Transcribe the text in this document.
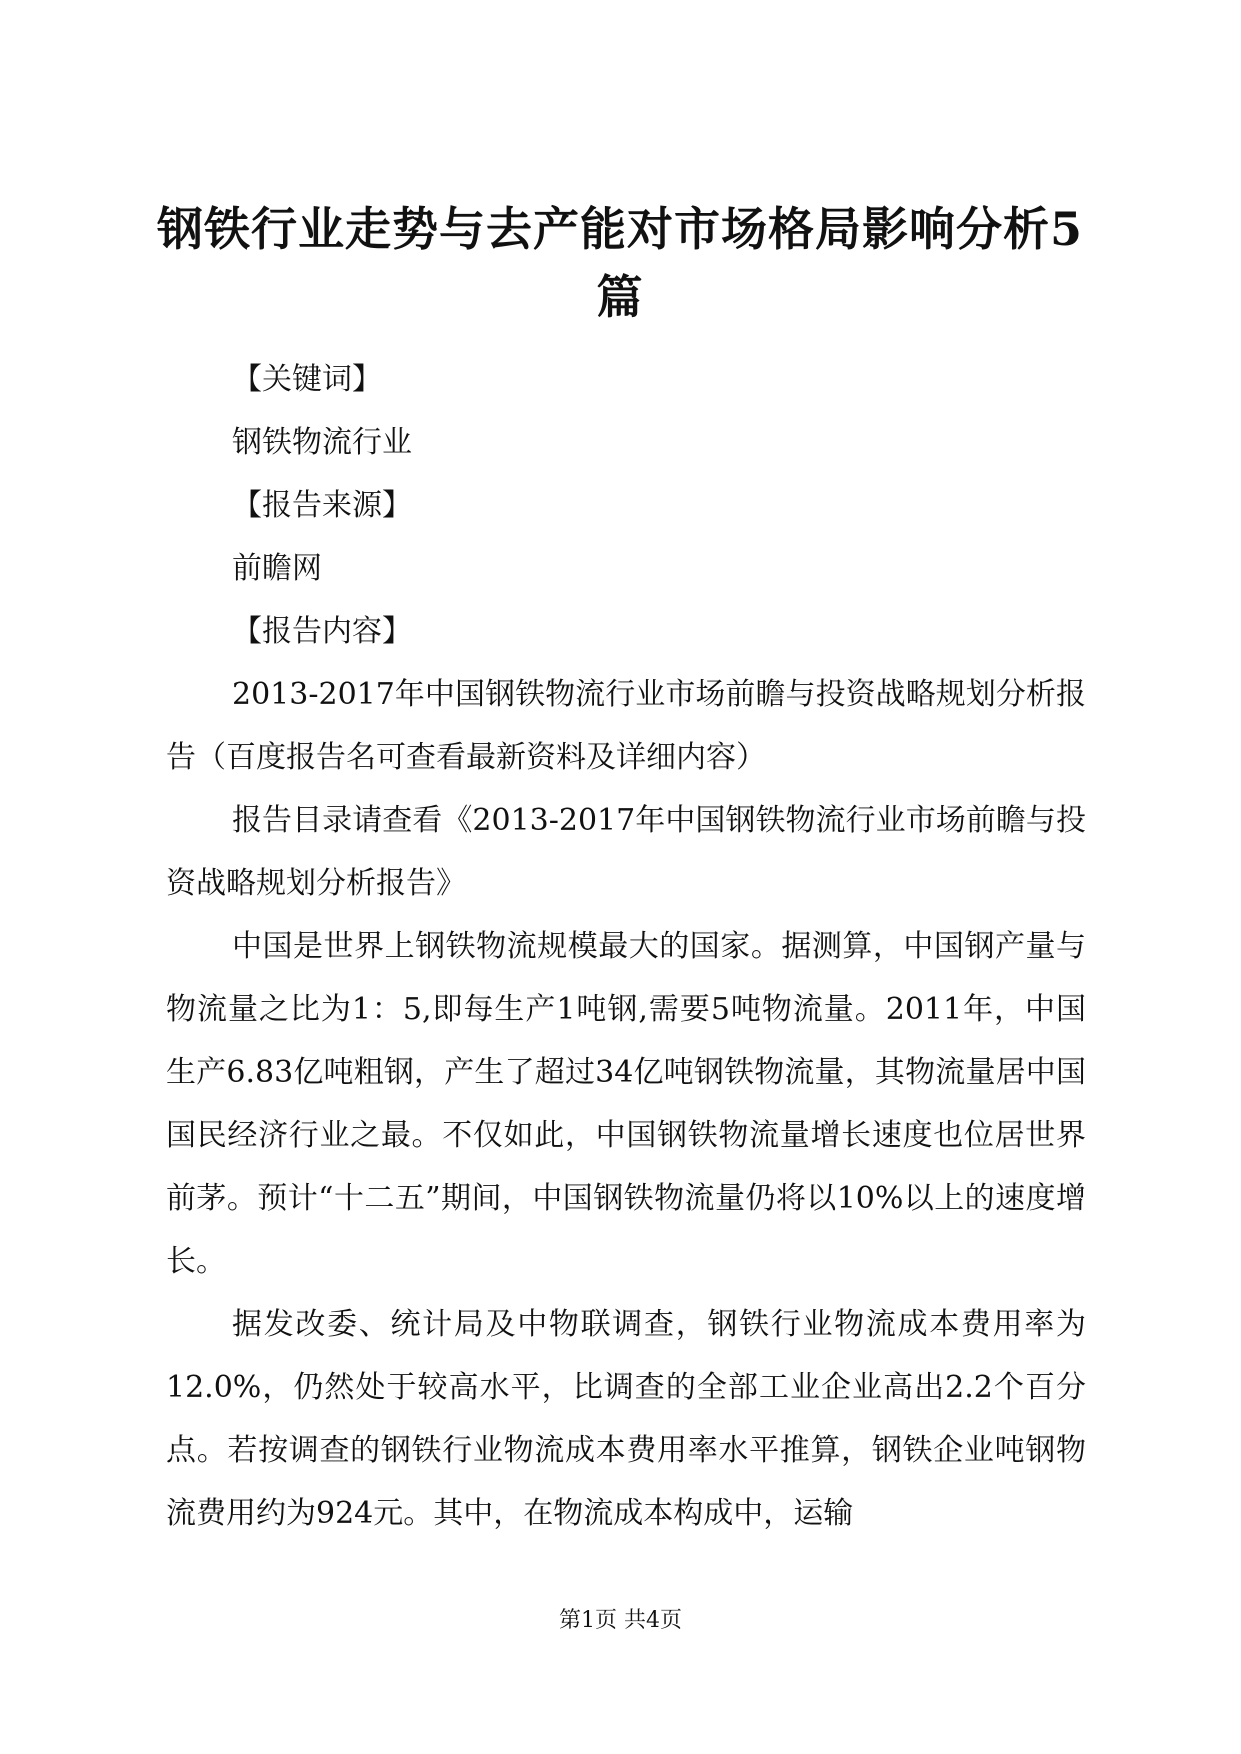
钢铁行业走势与去产能对市场格局影响分析5篇

【关键词】

钢铁物流行业

【报告来源】

前瞻网

【报告内容】

2013-2017年中国钢铁物流行业市场前瞻与投资战略规划分析报告（百度报告名可查看最新资料及详细内容）

报告目录请查看《2013-2017年中国钢铁物流行业市场前瞻与投资战略规划分析报告》

中国是世界上钢铁物流规模最大的国家。据测算，中国钢产量与物流量之比为1：5,即每生产1吨钢,需要5吨物流量。2011年，中国生产6.83亿吨粗钢，产生了超过34亿吨钢铁物流量，其物流量居中国国民经济行业之最。不仅如此，中国钢铁物流量增长速度也位居世界前茅。预计“十二五”期间，中国钢铁物流量仍将以10%以上的速度增长。

据发改委、统计局及中物联调查，钢铁行业物流成本费用率为12.0%，仍然处于较高水平，比调查的全部工业企业高出2.2个百分点。若按调查的钢铁行业物流成本费用率水平推算，钢铁企业吨钢物流费用约为924元。其中，在物流成本构成中，运输

第1页 共4页
